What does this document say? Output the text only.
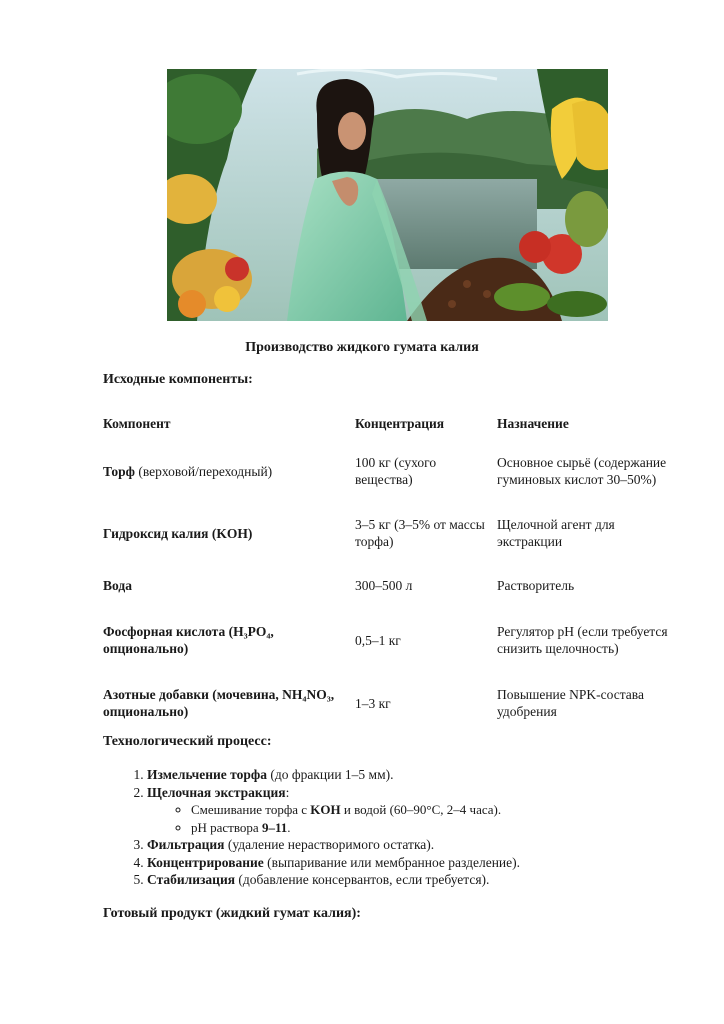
Производство жидкого гумата калия
Исходные компоненты:
Компонент	Концентрация	Назначение
Торф (верховой/переходный)	100 кг (сухого вещества)	Основное сырьё (содержание гуминовых кислот 30–50%)
Гидроксид калия (KOH)	3–5 кг (3–5% от массы торфа)	Щелочной агент для экстракции
Вода	300–500 л	Растворитель
Фосфорная кислота (H₃PO₄, опционально)	0,5–1 кг	Регулятор pH (если требуется снизить щелочность)
Азотные добавки (мочевина, NH₄NO₃, опционально)	1–3 кг	Повышение NPK-состава удобрения
Технологический процесс:
1. Измельчение торфа (до фракции 1–5 мм).
2. Щелочная экстракция:
◦ Смешивание торфа с KOH и водой (60–90°C, 2–4 часа).
◦ pH раствора 9–11.
3. Фильтрация (удаление нерастворимого остатка).
4. Концентрирование (выпаривание или мембранное разделение).
5. Стабилизация (добавление консервантов, если требуется).
Готовый продукт (жидкий гумат калия):
